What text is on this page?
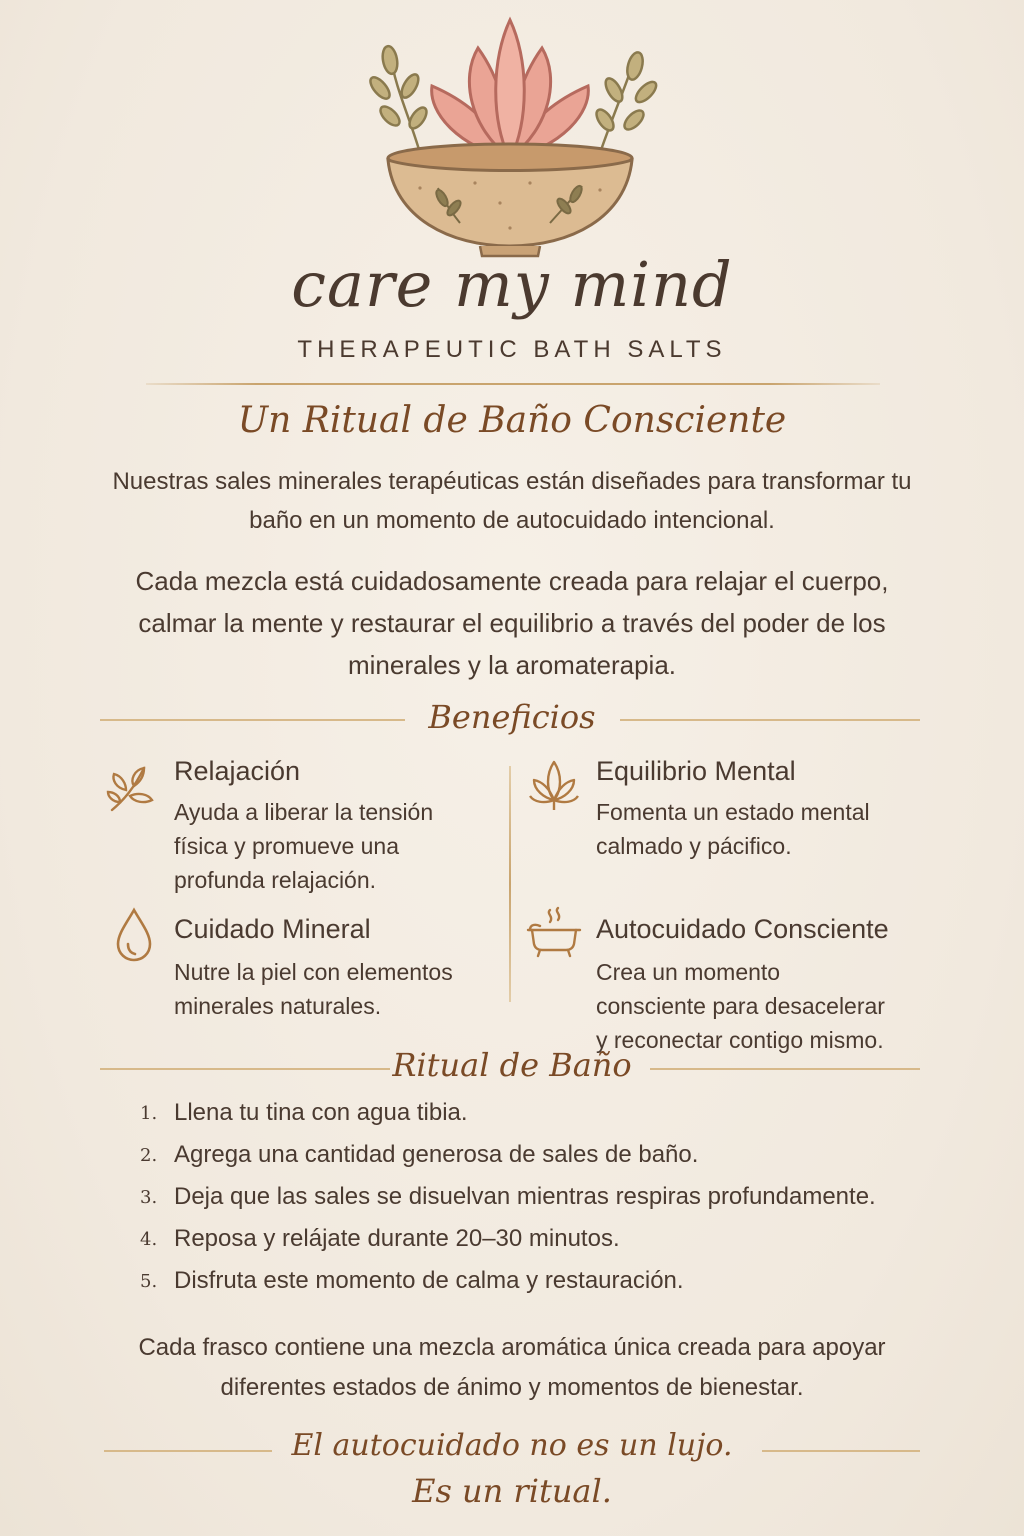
care my mind
THERAPEUTIC BATH SALTS
Un Ritual de Baño Consciente
Nuestras sales minerales terapéuticas están diseñades para transformar tu baño en un momento de autocuidado intencional.
Cada mezcla está cuidadosamente creada para relajar el cuerpo, calmar la mente y restaurar el equilibrio a través del poder de los minerales y la aromaterapia.
Beneficios
Relajación
Ayuda a liberar la tensión
física y promueve una
profunda relajación.
Equilibrio Mental
Fomenta un estado mental
calmado y pácifico.
Cuidado Mineral
Nutre la piel con elementos
minerales naturales.
Autocuidado Consciente
Crea un momento
consciente para desacelerar
y reconectar contigo mismo.
Ritual de Baño
1. Llena tu tina con agua tibia.
2. Agrega una cantidad generosa de sales de baño.
3. Deja que las sales se disuelvan mientras respiras profundamente.
4. Reposa y relájate durante 20–30 minutos.
5. Disfruta este momento de calma y restauración.
Cada frasco contiene una mezcla aromática única creada para apoyar diferentes estados de ánimo y momentos de bienestar.
El autocuidado no es un lujo.
Es un ritual.
